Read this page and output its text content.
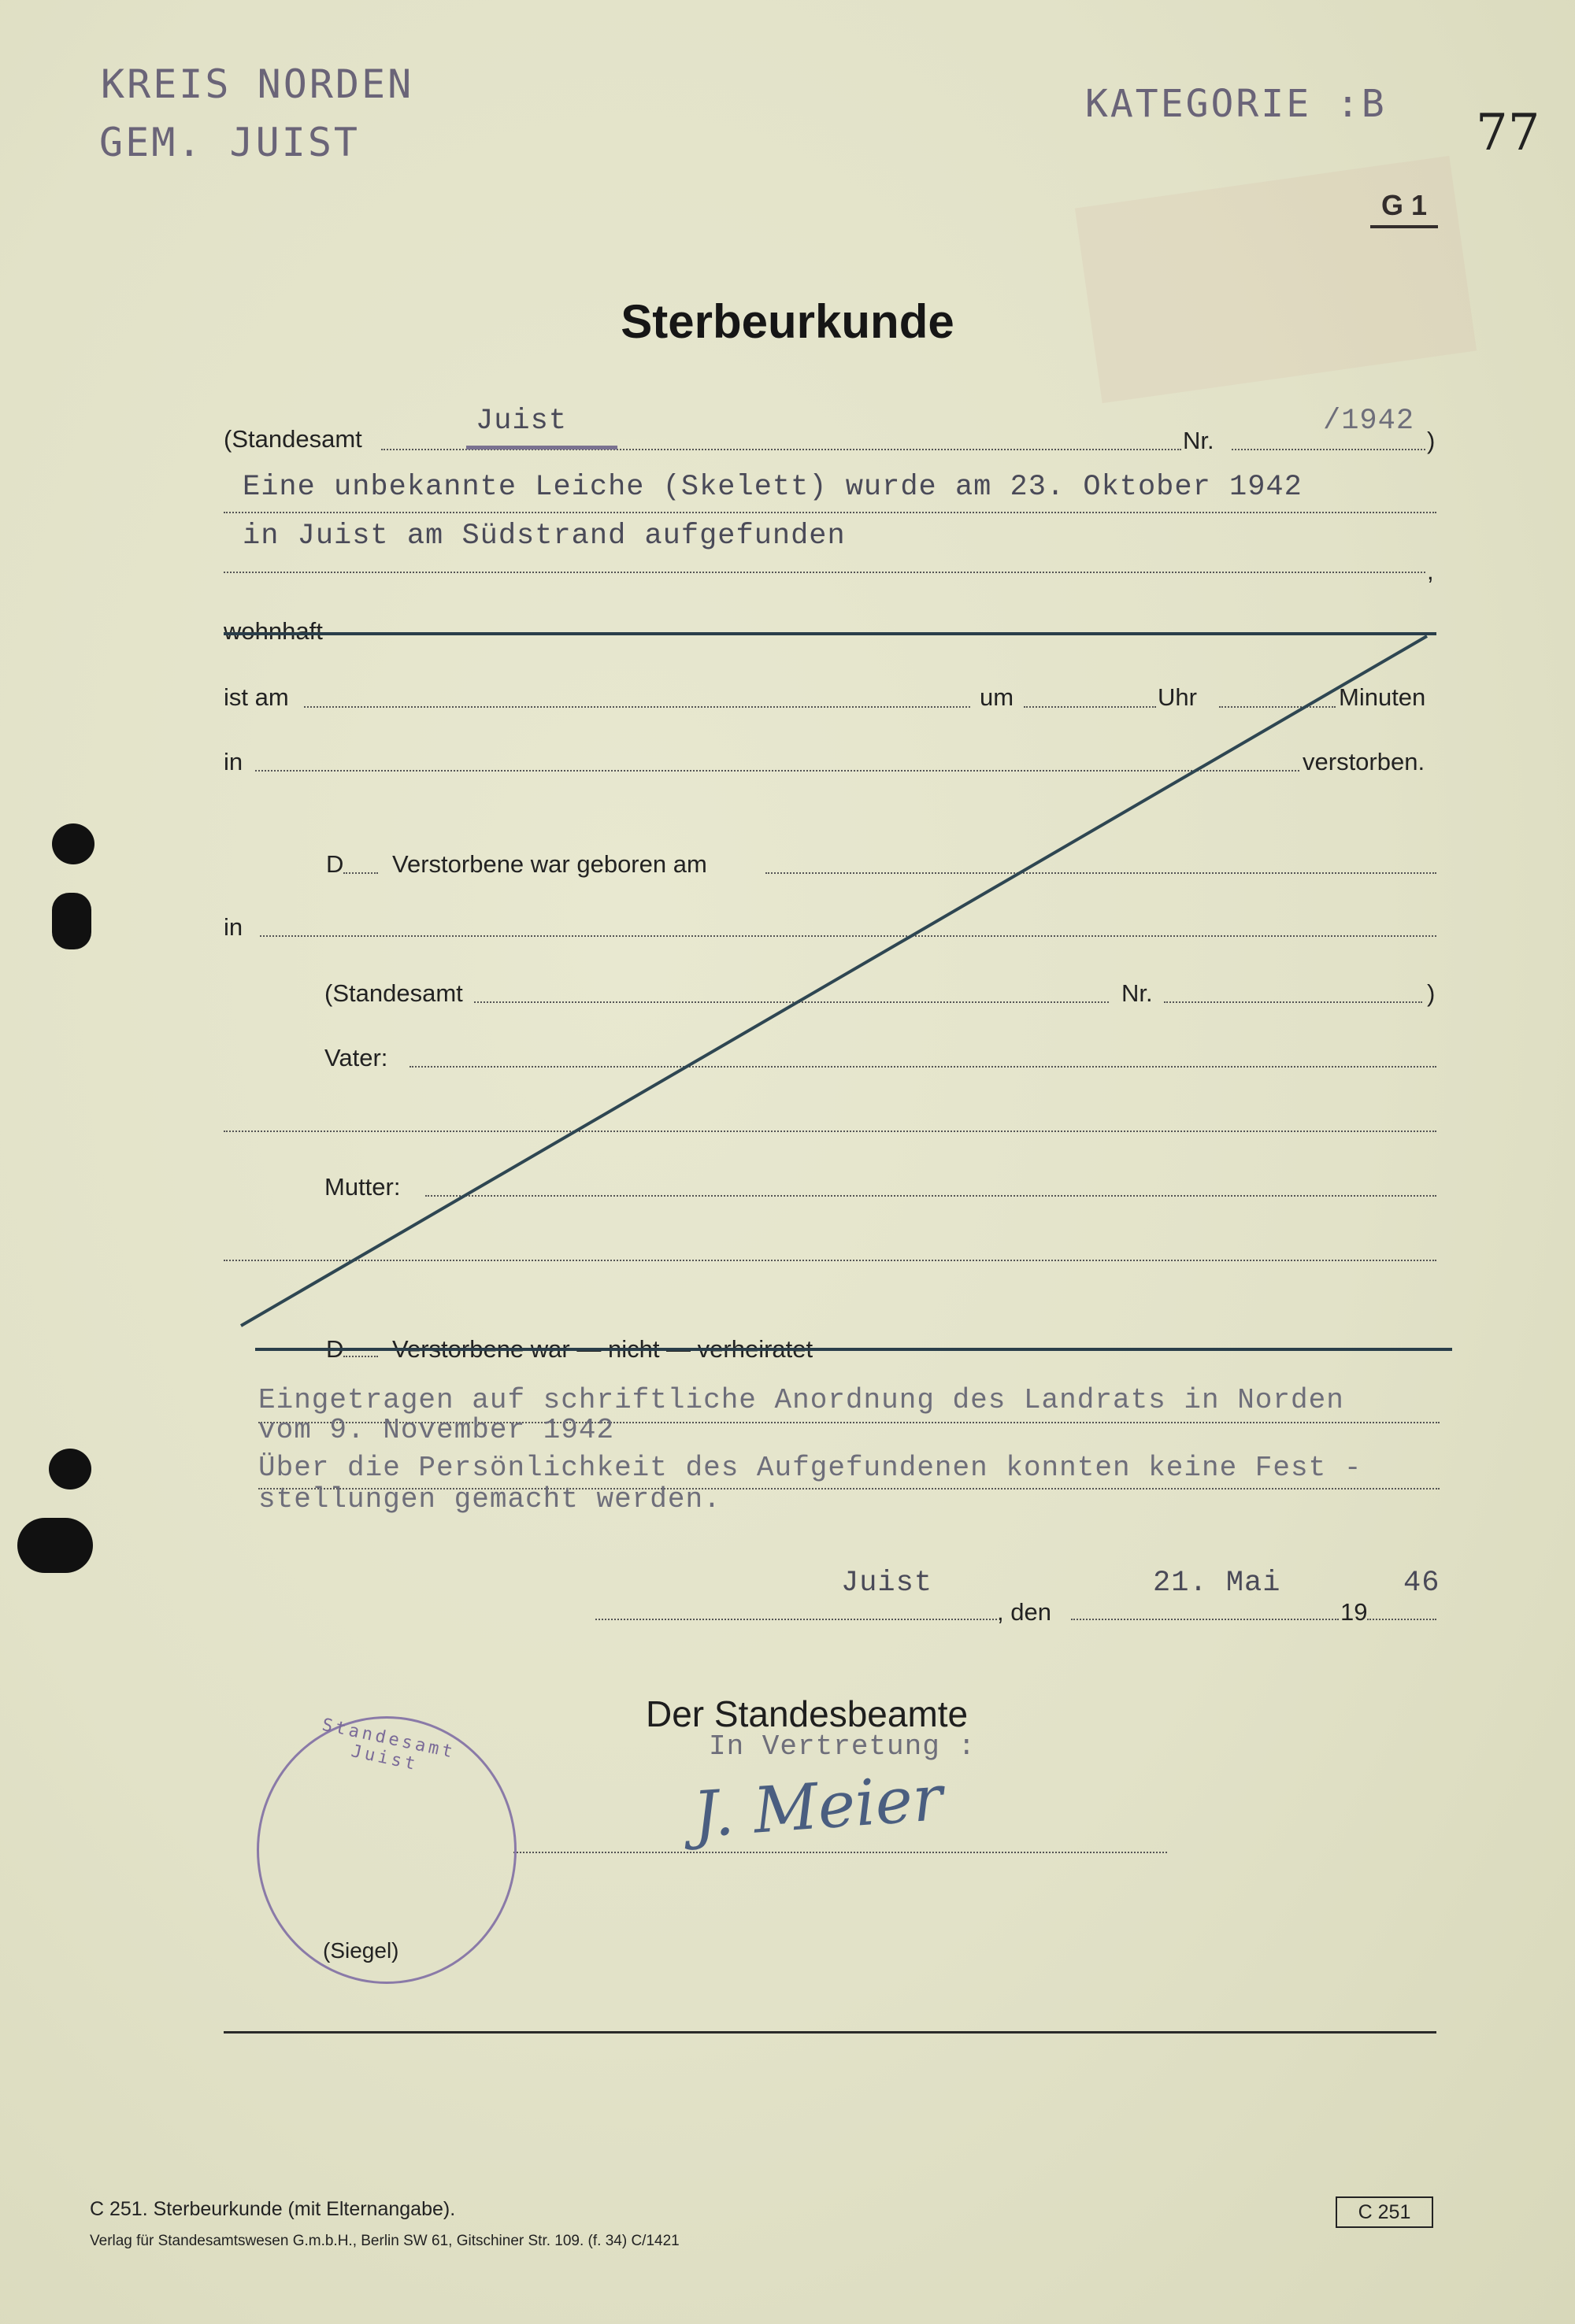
KREIS NORDEN
GEM. JUIST
KATEGORIE :B 77
G 1
Sterbeurkunde
(Standesamt
Juist
Nr.
/1942
)
Eine unbekannte Leiche (Skelett) wurde am 23. Oktober 1942
in Juist am Südstrand aufgefunden
,
wohnhaft
ist am	um	Uhr	Minuten
in	verstorben.
D Verstorbene war geboren am
in
(Standesamt	Nr.	)
Vater:
Mutter:
D Verstorbene war — nicht — verheiratet
Eingetragen auf schriftliche Anordnung des Landrats in Norden
vom 9. November 1942
Über die Persönlichkeit des Aufgefundenen konnten keine Fest -
stellungen gemacht werden.
Juist
, den
21. Mai
19
46
Der Standesbeamte
In Vertretung :
J. Meier
Standesamt Juist
(Siegel)
C 251. Sterbeurkunde (mit Elternangabe).
Verlag für Standesamtswesen G.m.b.H., Berlin SW 61, Gitschiner Str. 109. (f. 34) C/1421
C 251
